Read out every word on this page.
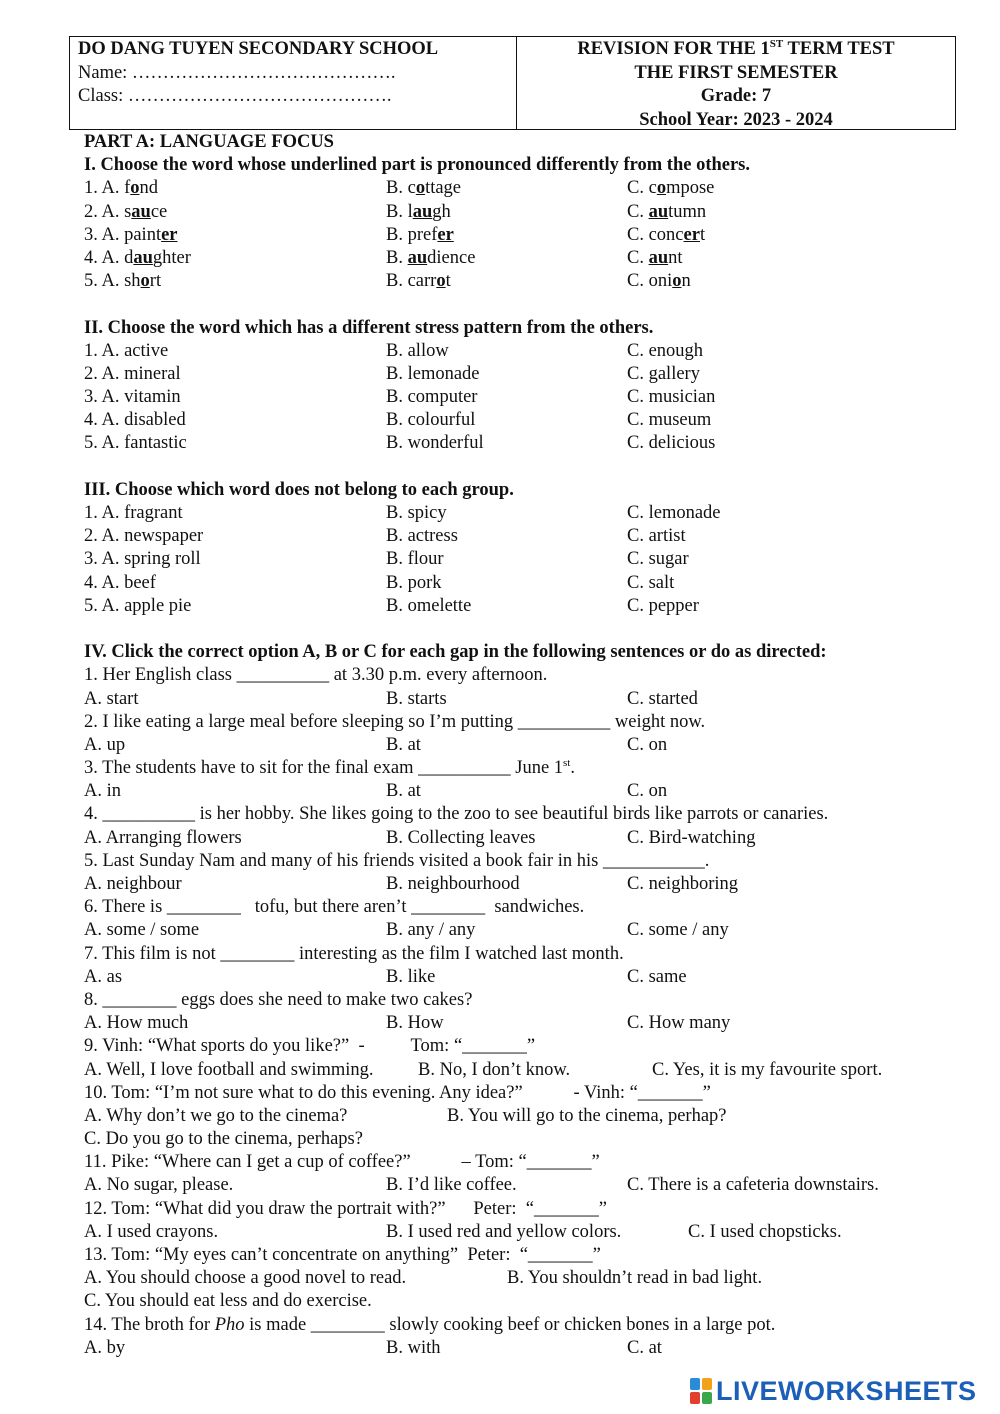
DO DANG TUYEN SECONDARY SCHOOL
Name: …………………………………….
Class: …………………………………….
REVISION FOR THE 1ST TERM TEST
THE FIRST SEMESTER
Grade: 7
School Year: 2023 - 2024
PART A: LANGUAGE FOCUS
I. Choose the word whose underlined part is pronounced differently from the others.
1. A. fond	B. cottage	C. compose
2. A. sauce	B. laugh	C. autumn
3. A. painter	B. prefer	C. concert
4. A. daughter	B. audience	C. aunt
5. A. short	B. carrot	C. onion
II. Choose the word which has a different stress pattern from the others.
1. A. active	B. allow	C. enough
2. A. mineral	B. lemonade	C. gallery
3. A. vitamin	B. computer	C. musician
4. A. disabled	B. colourful	C. museum
5. A. fantastic	B. wonderful	C. delicious
III. Choose which word does not belong to each group.
1. A. fragrant	B. spicy	C. lemonade
2. A. newspaper	B. actress	C. artist
3. A. spring roll	B. flour	C. sugar
4. A. beef	B. pork	C. salt
5. A. apple pie	B. omelette	C. pepper
IV. Click the correct option A, B or C for each gap in the following sentences or do as directed:
1. Her English class __________ at 3.30 p.m. every afternoon.
A. start	B. starts	C. started
2. I like eating a large meal before sleeping so I’m putting __________ weight now.
A. up	B. at	C. on
3. The students have to sit for the final exam __________ June 1st.
A. in	B. at	C. on
4. __________ is her hobby. She likes going to the zoo to see beautiful birds like parrots or canaries.
A. Arranging flowers	B. Collecting leaves	C. Bird-watching
5. Last Sunday Nam and many of his friends visited a book fair in his ___________.
A. neighbour	B. neighbourhood	C. neighboring
6. There is ________   tofu, but there aren’t ________  sandwiches.
A. some / some	B. any / any	C. some / any
7. This film is not ________ interesting as the film I watched last month.
A. as	B. like	C. same
8. ________ eggs does she need to make two cakes?
A. How much	B. How	C. How many
9. Vinh: “What sports do you like?”  -          Tom: “_______”
A. Well, I love football and swimming. B. No, I don’t know.	C. Yes, it is my favourite sport.
10. Tom: “I’m not sure what to do this evening. Any idea?”           - Vinh: “_______”
A. Why don’t we go to the cinema?	B. You will go to the cinema, perhap?
C. Do you go to the cinema, perhaps?
11. Pike: “Where can I get a cup of coffee?”           – Tom: “_______”
A. No sugar, please.	B. I’d like coffee.	C. There is a cafeteria downstairs.
12. Tom: “What did you draw the portrait with?”      Peter:  “_______”
A. I used crayons.	B. I used red and yellow colors.	C. I used chopsticks.
13. Tom: “My eyes can’t concentrate on anything”  Peter:  “_______”
A. You should choose a good novel to read.	B. You shouldn’t read in bad light.
C. You should eat less and do exercise.
14. The broth for Pho is made ________ slowly cooking beef or chicken bones in a large pot.
A. by	B. with	C. at
LIVEWORKSHEETS
